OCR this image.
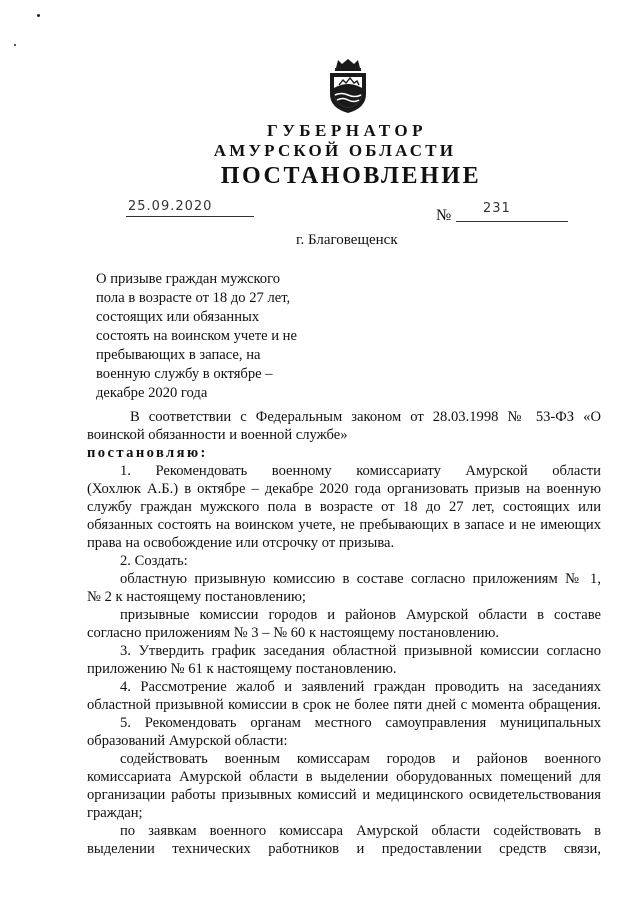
ГУБЕРНАТОР
АМУРСКОЙ ОБЛАСТИ
ПОСТАНОВЛЕНИЕ
25.09.2020
№ 231
г. Благовещенск
О призыве граждан мужского
пола в возрасте от 18 до 27 лет,
состоящих или обязанных
состоять на воинском учете и не
пребывающих в запасе, на
военную службу в октябре –
декабре 2020 года
В соответствии с Федеральным законом от 28.03.1998 № 53-ФЗ «О
воинской обязанности и военной службе»
постановляю:
1. Рекомендовать военному комиссариату Амурской области
(Хохлюк А.Б.) в октябре – декабре 2020 года организовать призыв на военную
службу граждан мужского пола в возрасте от 18 до 27 лет, состоящих или
обязанных состоять на воинском учете, не пребывающих в запасе и не имеющих
права на освобождение или отсрочку от призыва.
2. Создать:
областную призывную комиссию в составе согласно приложениям № 1,
№ 2 к настоящему постановлению;
призывные комиссии городов и районов Амурской области в составе
согласно приложениям № 3 – № 60 к настоящему постановлению.
3. Утвердить график заседания областной призывной комиссии согласно
приложению № 61 к настоящему постановлению.
4. Рассмотрение жалоб и заявлений граждан проводить на заседаниях
областной призывной комиссии в срок не более пяти дней с момента обращения.
5. Рекомендовать органам местного самоуправления муниципальных
образований Амурской области:
содействовать военным комиссарам городов и районов военного
комиссариата Амурской области в выделении оборудованных помещений для
организации работы призывных комиссий и медицинского освидетельствования
граждан;
по заявкам военного комиссара Амурской области содействовать в
выделении технических работников и предоставлении средств связи,
